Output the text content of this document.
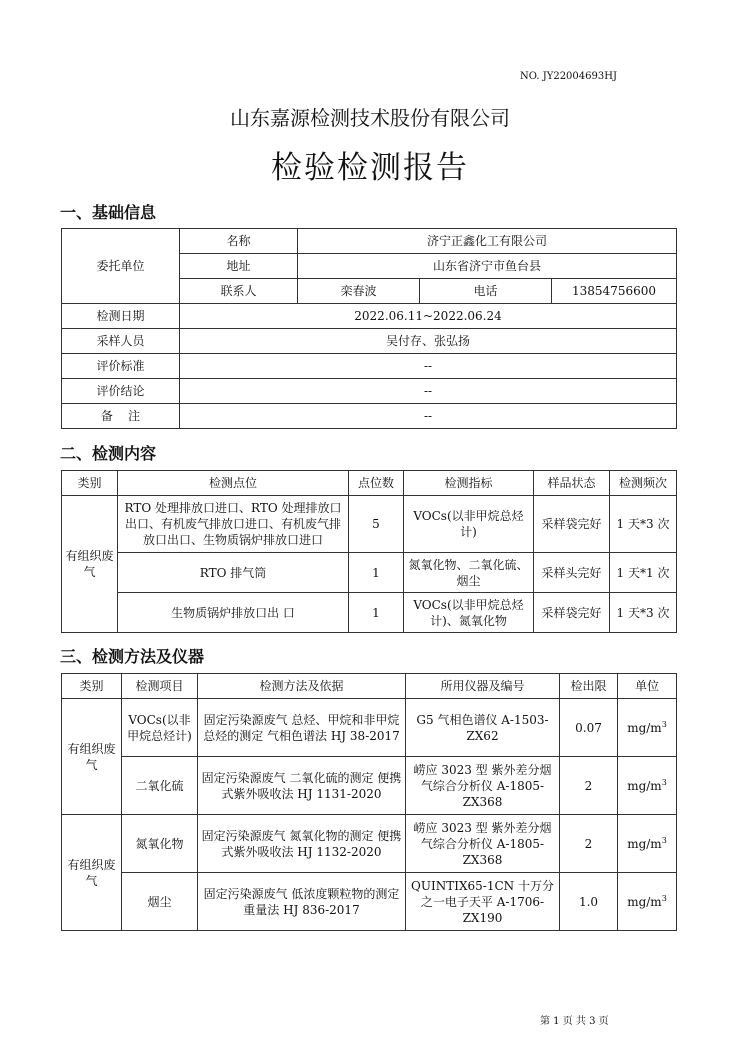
NO. JY22004693HJ
山东嘉源检测技术股份有限公司
检验检测报告
一、基础信息
委托单位	名称	济宁正鑫化工有限公司		
	地址	山东省济宁市鱼台县		
	联系人	栾春波	电话	13854756600
检测日期	2022.06.11~2022.06.24			
采样人员	吴付存、张弘扬			
评价标准	--			
评价结论	--			
备    注	--			
二、检测内容
类别	检测点位	点位数	检测指标	样品状态	检测频次
有组织废气	RTO 处理排放口进口、RTO 处理排放口出口、有机废气排放口进口、有机废气排放口出口、生物质锅炉排放口进口	5	VOCs(以非甲烷总烃计)	采样袋完好	1 天*3 次
	RTO 排气筒	1	氮氧化物、二氧化硫、烟尘	采样头完好	1 天*1 次
	生物质锅炉排放口出 口	1	VOCs(以非甲烷总烃计)、氮氧化物	采样袋完好	1 天*3 次
三、检测方法及仪器
类别	检测项目	检测方法及依据	所用仪器及编号	检出限	单位
有组织废气	VOCs(以非甲烷总烃计)	固定污染源废气 总烃、甲烷和非甲烷总烃的测定 气相色谱法 HJ 38-2017	G5 气相色谱仪 A-1503-ZX62	0.07	$mg/m^3$
	二氧化硫	固定污染源废气 二氧化硫的测定 便携式紫外吸收法 HJ 1131-2020	崂应 3023 型 紫外差分烟气综合分析仪 A-1805-ZX368	2	$mg/m^3$
有组织废气	氮氧化物	固定污染源废气 氮氧化物的测定 便携式紫外吸收法 HJ 1132-2020	崂应 3023 型 紫外差分烟气综合分析仪 A-1805-ZX368	2	$mg/m^3$
	烟尘	固定污染源废气 低浓度颗粒物的测定 重量法 HJ 836-2017	QUINTIX65-1CN 十万分之一电子天平 A-1706-ZX190	1.0	$mg/m^3$
第 1 页 共 3 页
